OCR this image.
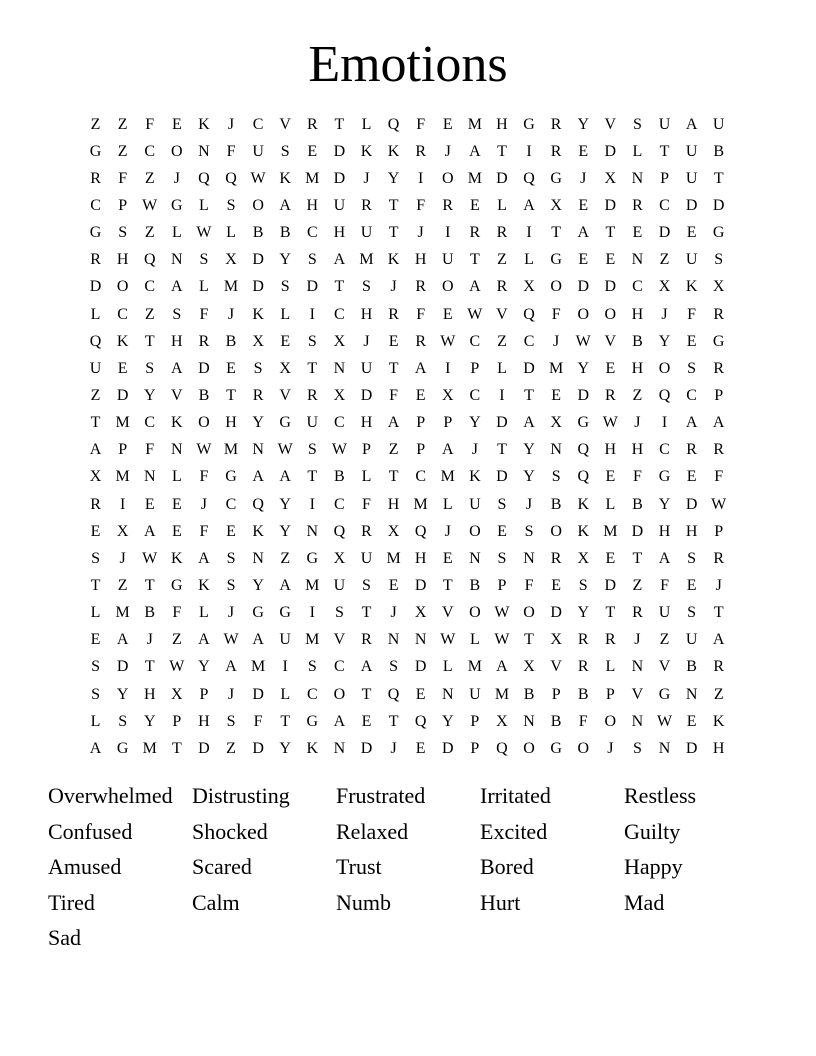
Emotions
Z	Z	F	E	K	J	C V R	T	L	Q	F	E M H G R Y V	S	U A U
G	Z	C O N	F	U	S	E	D K K R	J	A	T	I	R	E	D	L	T	U B
R	F	Z	J	Q Q W K M D	J	Y	I	O M D Q G	J	X N	P	U	T
C	P W G	L	S	O A H U R	T	F	R	E	L	A X	E	D R	C D D
G	S	Z	L W L	B	B	C H U	T	J	I	R	R	I	T	A	T	E	D	E	G
R H Q N	S	X D Y	S	A M K H U	T	Z	L	G	E	E	N	Z	U	S
D O C A	L M D	S	D	T	S	J	R O A R X O D D C X K X
L	C	Z	S	F	J	K	L	I	C H R	F	E W V Q	F	O O H	J	F	R
Q K	T	H R	B X	E	S	X	J	E	R W C	Z	C	J	W V B Y	E	G
U	E	S	A D	E	S	X	T	N U	T	A	I	P	L	D M Y	E	H O	S	R
Z	D Y V B	T	R V R X D	F	E	X C	I	T	E	D R	Z	Q C	P
T M C K O H Y G U C H A	P	P	Y D A X G W	J	I	A A
A	P	F	N W M N W S W P	Z	P	A	J	T	Y N Q H H C	R	R
X M N	L	F	G A A	T	B	L	T	C M K D Y	S	Q	E	F	G	E	F
R	I	E	E	J	C Q Y	I	C	F	H M L	U	S	J	B K	L	B Y D W
E	X A	E	F	E	K Y N Q R X Q	J	O	E	S	O K M D H H	P
S	J	W K A	S	N	Z	G X U M H	E	N	S	N R X	E	T	A	S	R
T	Z	T	G K	S	Y A M U	S	E	D	T	B	P	F	E	S	D	Z	F	E	J
L M B	F	L	J	G G	I	S	T	J	X V O W O D Y	T	R U	S	T
E	A	J	Z	A W A U M V R N N W L W T	X R	R	J	Z	U A
S	D	T W Y A M	I	S	C A	S	D	L M A X V R	L	N V B	R
S	Y H X	P	J	D	L	C O	T	Q	E	N U M B	P	B	P	V G N	Z
L	S	Y	P	H	S	F	T	G A	E	T	Q Y	P	X N B	F	O N W E	K
A G M T	D	Z	D Y K N D	J	E	D	P	Q O G O	J	S	N D H
Overwhelmed Distrusting	Frustrated	Irritated	Restless
Confused	Shocked	Relaxed	Excited	Guilty
Amused	Scared	Trust	Bored	Happy
Tired	Calm	Numb	Hurt	Mad
Sad
